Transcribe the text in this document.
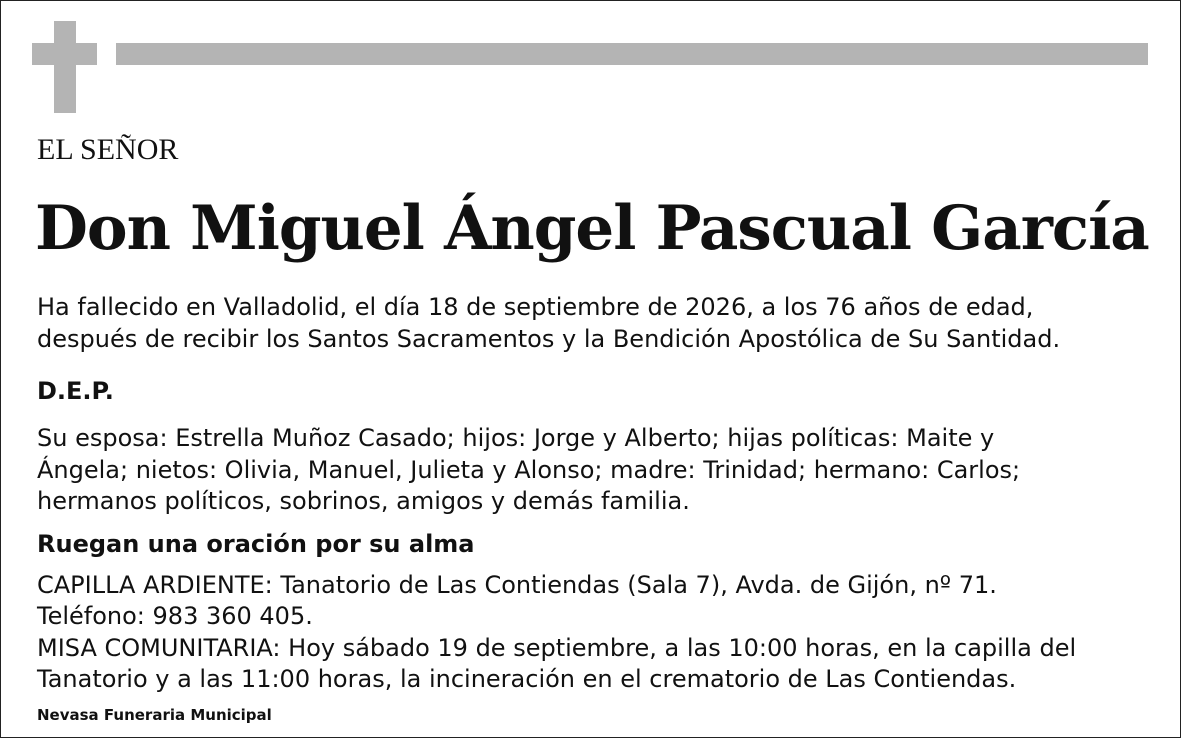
EL SEÑOR
Don Miguel Ángel Pascual García
Ha fallecido en Valladolid, el día 18 de septiembre de 2026, a los 76 años de edad,
después de recibir los Santos Sacramentos y la Bendición Apostólica de Su Santidad.
D.E.P.
Su esposa: Estrella Muñoz Casado; hijos: Jorge y Alberto; hijas políticas: Maite y
Ángela; nietos: Olivia, Manuel, Julieta y Alonso; madre: Trinidad; hermano: Carlos;
hermanos políticos, sobrinos, amigos y demás familia.
Ruegan una oración por su alma
CAPILLA ARDIENTE: Tanatorio de Las Contiendas (Sala 7), Avda. de Gijón, nº 71.
Teléfono: 983 360 405.
MISA COMUNITARIA: Hoy sábado 19 de septiembre, a las 10:00 horas, en la capilla del
Tanatorio y a las 11:00 horas, la incineración en el crematorio de Las Contiendas.
Nevasa Funeraria Municipal
